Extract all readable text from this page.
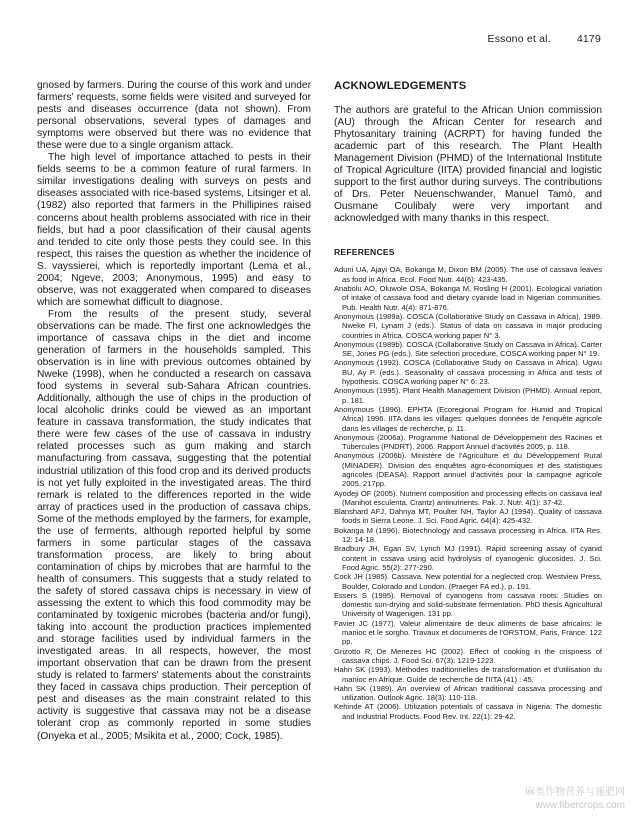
Essono et al. 4179

gnosed by farmers. During the course of this work and under farmers' requests, some fields were visited and surveyed for pests and diseases occurrence (data not shown). From personal observations, several types of damages and symptoms were observed but there was no evidence that these were due to a single organism attack.

The high level of importance attached to pests in their fields seems to be a common feature of rural farmers. In similar investigations dealing with surveys on pests and diseases associated with rice-based systems, Litsinger et al. (1982) also reported that farmers in the Phillipines raised concerns about health problems associated with rice in their fields, but had a poor classification of their causal agents and tended to cite only those pests they could see. In this respect, this raises the question as whether the incidence of S. vayssierei, which is reportedly important (Lema et al., 2004; Ngeve, 2003; Anonymous, 1995) and easy to observe, was not exaggerated when compared to diseases which are somewhat difficult to diagnose.

From the results of the present study, several observations can be made. The first one acknowledges the importance of cassava chips in the diet and income generation of farmers in the households sampled. This observation is in line with previous outcomes obtained by Nweke (1998), when he conducted a research on cassava food systems in several sub-Sahara African countries. Additionally, although the use of chips in the production of local alcoholic drinks could be viewed as an important feature in cassava transformation, the study indicates that there were few cases of the use of cassava in industry related processes such as gum making and starch manufacturing from cassava, suggesting that the potential industrial utilization of this food crop and its derived products is not yet fully exploited in the investigated areas. The third remark is related to the differences reported in the wide array of practices used in the production of cassava chips. Some of the methods employed by the farmers, for example, the use of ferments, although reported helpful by some farmers in some particular stages of the cassava transformation process, are likely to bring about contamination of chips by microbes that are harmful to the health of consumers. This suggests that a study related to the safety of stored cassava chips is necessary in view of assessing the extent to which this food commodity may be contaminated by toxigenic microbes (bacteria and/or fungi), taking into account the production practices implemented and storage facilities used by individual farmers in the investigated areas. In all respects, however, the most important observation that can be drawn from the present study is related to farmers' statements about the constraints they faced in cassava chips production. Their perception of pest and diseases as the main constraint related to this activity is suggestive that cassava may not be a disease tolerant crop as commonly reported in some studies (Onyeka et al., 2005; Msikita et al., 2000; Cock, 1985).

ACKNOWLEDGEMENTS

The authors are grateful to the African Union commission (AU) through the African Center for research and Phytosanitary training (ACRPT) for having funded the academic part of this research. The Plant Health Management Division (PHMD) of the International Institute of Tropical Agriculture (IITA) provided financial and logistic support to the first author during surveys. The contributions of Drs. Peter Neuenschwander, Manuel Tamò, and Ousmane Coulibaly were very important and acknowledged with many thanks in this respect.

REFERENCES
Aduni UA, Ajayi OA, Bokanga M, Dixon BM (2005). The use of cassava leaves as food in Africa. Ecol. Food Nutr. 44(6): 423-435.
Anabolu AO, Oluwole OSA, Bokanga M, Rosling H (2001). Ecological variation of intake of cassava food and dietary cyanide load in Nigerian communities. Pub. Health Nutr. 4(4): 871-876.
Anonymous (1989a). COSCA (Collaborative Study on Cassava in Africa), 1989. Nweke FI, Lynam J (eds.). Status of data on cassava in major producing countries in Africa. COSCA working paper N° 3.
Anonymous (1989b). COSCA (Collaborative Study on Cassava in Africa). Carter SE, Jones PG (eds.). Site selection procedure, COSCA working paper N° 19.
Anonymous (1992). COSCA (Collaborative Study on Cassava in Africa). Ugwu BU, Ay P. (eds.). Seasonality of cassava processing in Africa and tests of hypothesis. COSCA working paper N° 6: 23.
Anonymous (1995). Plant Health Management Division (PHMD). Annual report, p. 181.
Anonymous (1996). EPHTA (Ecoregional Program for Humid and Tropical Africa) 1996. IITA dans les villages: quelques données de l'enquête agricole dans les villages de recherche, p. 11.
Anonymous (2006a). Programme National de Développement des Racines et Tubercules (PNDRT), 2006. Rapport Annuel d'activités 2005, p. 118.
Anonymous (2006b). Ministère de l'Agriculture et du Développement Rural (MINADER). Division des enquêtes agro-économiques et des statistiques agricoles (DEASA). Rapport annuel d'activités pour la campagne agricole 2005. 217pp.
Ayodeji OF (2005). Nutrient composition and processing effects on cassava leaf (Manihot esculenta, Crantz) antinutrients. Pak. J. Nutr. 4(1): 37-42.
Blanshard AFJ, Dahnya MT, Poulter NH, Taylor AJ (1994). Quality of cassava foods in Sierra Leone. J. Sci. Food Agric. 64(4): 425-432.
Bokanga M (1996). Biotechnology and cassava processing in Africa. IITA Res. 12: 14-18.
Bradbury JH, Egan SV, Lynch MJ (1991). Rapid screening assay of cyanid content in cssava using acid hydrolysis of cyanogenic glucosides. J. Sci. Food Agric. 55(2): 277-290.
Cock JH (1985). Cassava. New potential for a neglected crop. Westview Press, Boulder, Colorado and London. (Praeger FA ed.), p. 191.
Essers S (1995). Removal of cyanogens from cassava roots: Studies on domestic sun-drying and solid-substrate fermentation. PhD thesis Agricultural University of Wagenigen. 131 pp.
Favier JC (1977). Valeur alimentaire de deux aliments de base africains: le manioc et le sorgho. Travaux et documents de l'ORSTOM, Paris, France. 122 pp.
Grizotto R, De Menezes HC (2002). Effect of cooking in the crispness of cassava chips. J. Food Sci. 67(3): 1219-1223.
Hahn SK (1993). Méthodes traditionnelles de transformation et d'utilisation du manioc en Afrique. Guide de recherche de l'IITA (41) : 45.
Hahn SK (1989). An overview of African traditional cassava processing and utilization. Outlook Agric. 18(3): 110-118.
Kehinde AT (2006). Utilization potentials of cassava in Nigeria: The domestic and Industrial Products. Food Rev. Int. 22(1): 29-42.
麻类作物营养与施肥网
www.fibercrops.com
